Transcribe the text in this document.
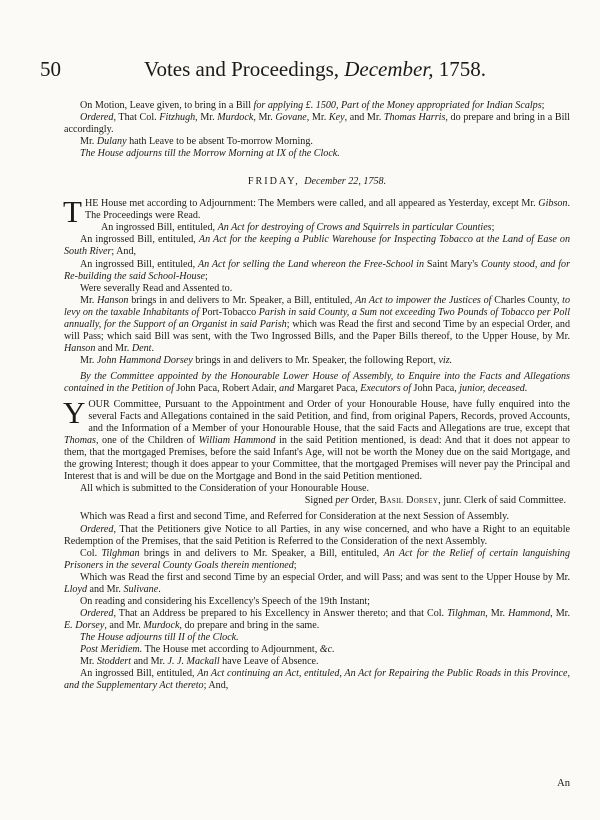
50	Votes and Proceedings, December, 1758.

On Motion, Leave given, to bring in a Bill for applying £. 1500, Part of the Money appropriated for Indian Scalps;

Ordered, That Col. Fitzhugh, Mr. Murdock, Mr. Govane, Mr. Key, and Mr. Thomas Harris, do prepare and bring in a Bill accordingly.

Mr. Dulany hath Leave to be absent To-morrow Morning.

The House adjourns till the Morrow Morning at IX of the Clock.

FRIDAY, December 22, 1758.

THE House met according to Adjournment: The Members were called, and all appeared as Yesterday, except Mr. Gibson. The Proceedings were Read.

An ingrossed Bill, entituled, An Act for destroying of Crows and Squirrels in particular Counties;

An ingrossed Bill, entituled, An Act for the keeping a Public Warehouse for Inspecting Tobacco at the Land of Ease on South River; And,

An ingrossed Bill, entituled, An Act for selling the Land whereon the Free-School in Saint Mary's County stood, and for Re-building the said School-House;

Were severally Read and Assented to.

Mr. Hanson brings in and delivers to Mr. Speaker, a Bill, entituled, An Act to impower the Justices of Charles County, to levy on the taxable Inhabitants of Port-Tobacco Parish in said County, a Sum not exceeding Two Pounds of Tobacco per Poll annually, for the Support of an Organist in said Parish; which was Read the first and second Time by an especial Order, and will Pass; which said Bill was sent, with the Two Ingrossed Bills, and the Paper Bills thereof, to the Upper House, by Mr. Hanson and Mr. Dent.

Mr. John Hammond Dorsey brings in and delivers to Mr. Speaker, the following Report, viz.

By the Committee appointed by the Honourable Lower House of Assembly, to Enquire into the Facts and Allegations contained in the Petition of John Paca, Robert Adair, and Margaret Paca, Executors of John Paca, junior, deceased.

YOUR Committee, Pursuant to the Appointment and Order of your Honourable House, have fully enquired into the several Facts and Allegations contained in the said Petition, and find, from original Papers, Records, proved Accounts, and the Information of a Member of your Honourable House, that the said Facts and Allegations are true, except that Thomas, one of the Children of William Hammond in the said Petition mentioned, is dead: And that it does not appear to them, that the mortgaged Premises, before the said Infant's Age, will not be worth the Money due on the said Mortgage, and the growing Interest; though it does appear to your Committee, that the mortgaged Premises will never pay the Principal and Interest that is and will be due on the Mortgage and Bond in the said Petition mentioned.

All which is submitted to the Consideration of your Honourable House.

Signed per Order, Basil Dorsey, junr. Clerk of said Committee.

Which was Read a first and second Time, and Referred for Consideration at the next Session of Assembly.

Ordered, That the Petitioners give Notice to all Parties, in any wise concerned, and who have a Right to an equitable Redemption of the Premises, that the said Petition is Referred to the Consideration of the next Assembly.

Col. Tilghman brings in and delivers to Mr. Speaker, a Bill, entituled, An Act for the Relief of certain languishing Prisoners in the several County Goals therein mentioned;

Which was Read the first and second Time by an especial Order, and will Pass; and was sent to the Upper House by Mr. Lloyd and Mr. Sulivane.

On reading and considering his Excellency's Speech of the 19th Instant;

Ordered, That an Address be prepared to his Excellency in Answer thereto; and that Col. Tilghman, Mr. Hammond, Mr. E. Dorsey, and Mr. Murdock, do prepare and bring in the same.

The House adjourns till II of the Clock.

Post Meridiem. The House met according to Adjournment, &c.

Mr. Stoddert and Mr. J. J. Mackall have Leave of Absence.

An ingrossed Bill, entituled, An Act continuing an Act, entituled, An Act for Repairing the Public Roads in this Province, and the Supplementary Act thereto; And,

An
